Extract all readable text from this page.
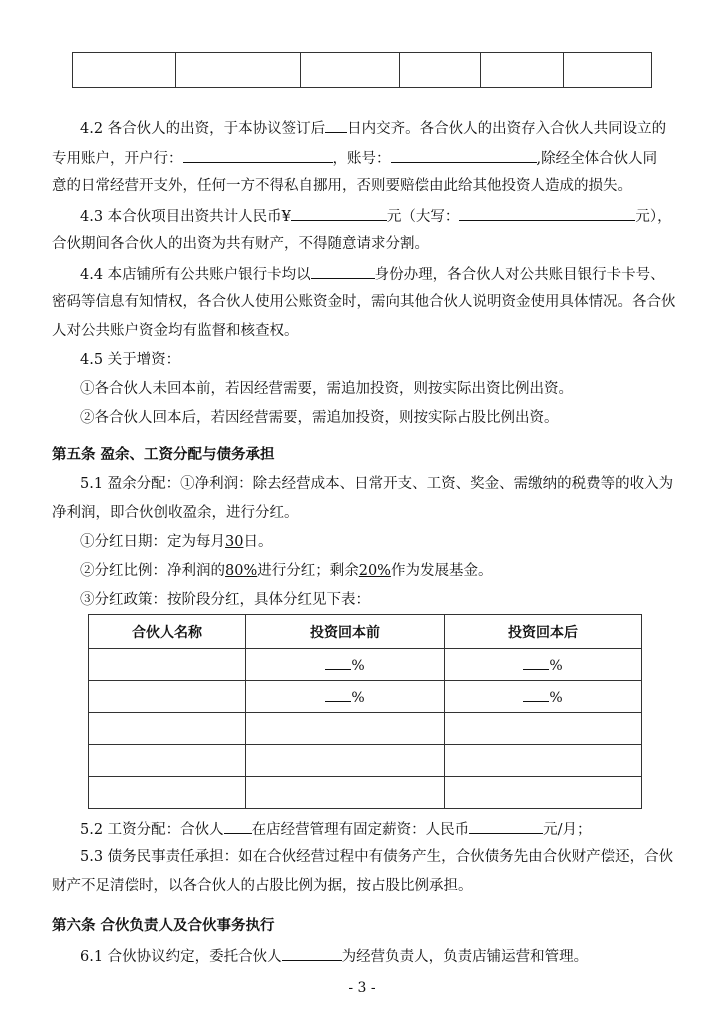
4.2 各合伙人的出资，于本协议签订后 日内交齐。各合伙人的出资存入合伙人共同设立的
专用账户，开户行：	，账号：	,除经全体合伙人同
意的日常经营开支外，任何一方不得私自挪用，否则要赔偿由此给其他投资人造成的损失。
4.3 本合伙项目出资共计人民币¥	元（大写：	元），
合伙期间各合伙人的出资为共有财产，不得随意请求分割。
4.4 本店铺所有公共账户银行卡均以	身份办理，各合伙人对公共账目银行卡卡号、
密码等信息有知情权，各合伙人使用公账资金时，需向其他合伙人说明资金使用具体情况。各合伙
人对公共账户资金均有监督和核查权。
4.5 关于增资：
①各合伙人未回本前，若因经营需要，需追加投资，则按实际出资比例出资。
②各合伙人回本后，若因经营需要，需追加投资，则按实际占股比例出资。
第五条 盈余、工资分配与债务承担
5.1 盈余分配：①净利润：除去经营成本、日常开支、工资、奖金、需缴纳的税费等的收入为
净利润，即合伙创收盈余，进行分红。
①分红日期：定为每月30日。
②分红比例：净利润的80%进行分红；剩余20%作为发展基金。
③分红政策：按阶段分红，具体分红见下表：
合伙人名称	投资回本前	投资回本后
	%	%
	%	%

5.2 工资分配：合伙人 在店经营管理有固定薪资：人民币	元/月；
5.3 债务民事责任承担：如在合伙经营过程中有债务产生，合伙债务先由合伙财产偿还，合伙
财产不足清偿时，以各合伙人的占股比例为据，按占股比例承担。
第六条 合伙负责人及合伙事务执行
6.1 合伙协议约定，委托合伙人	为经营负责人，负责店铺运营和管理。
- 3 -
